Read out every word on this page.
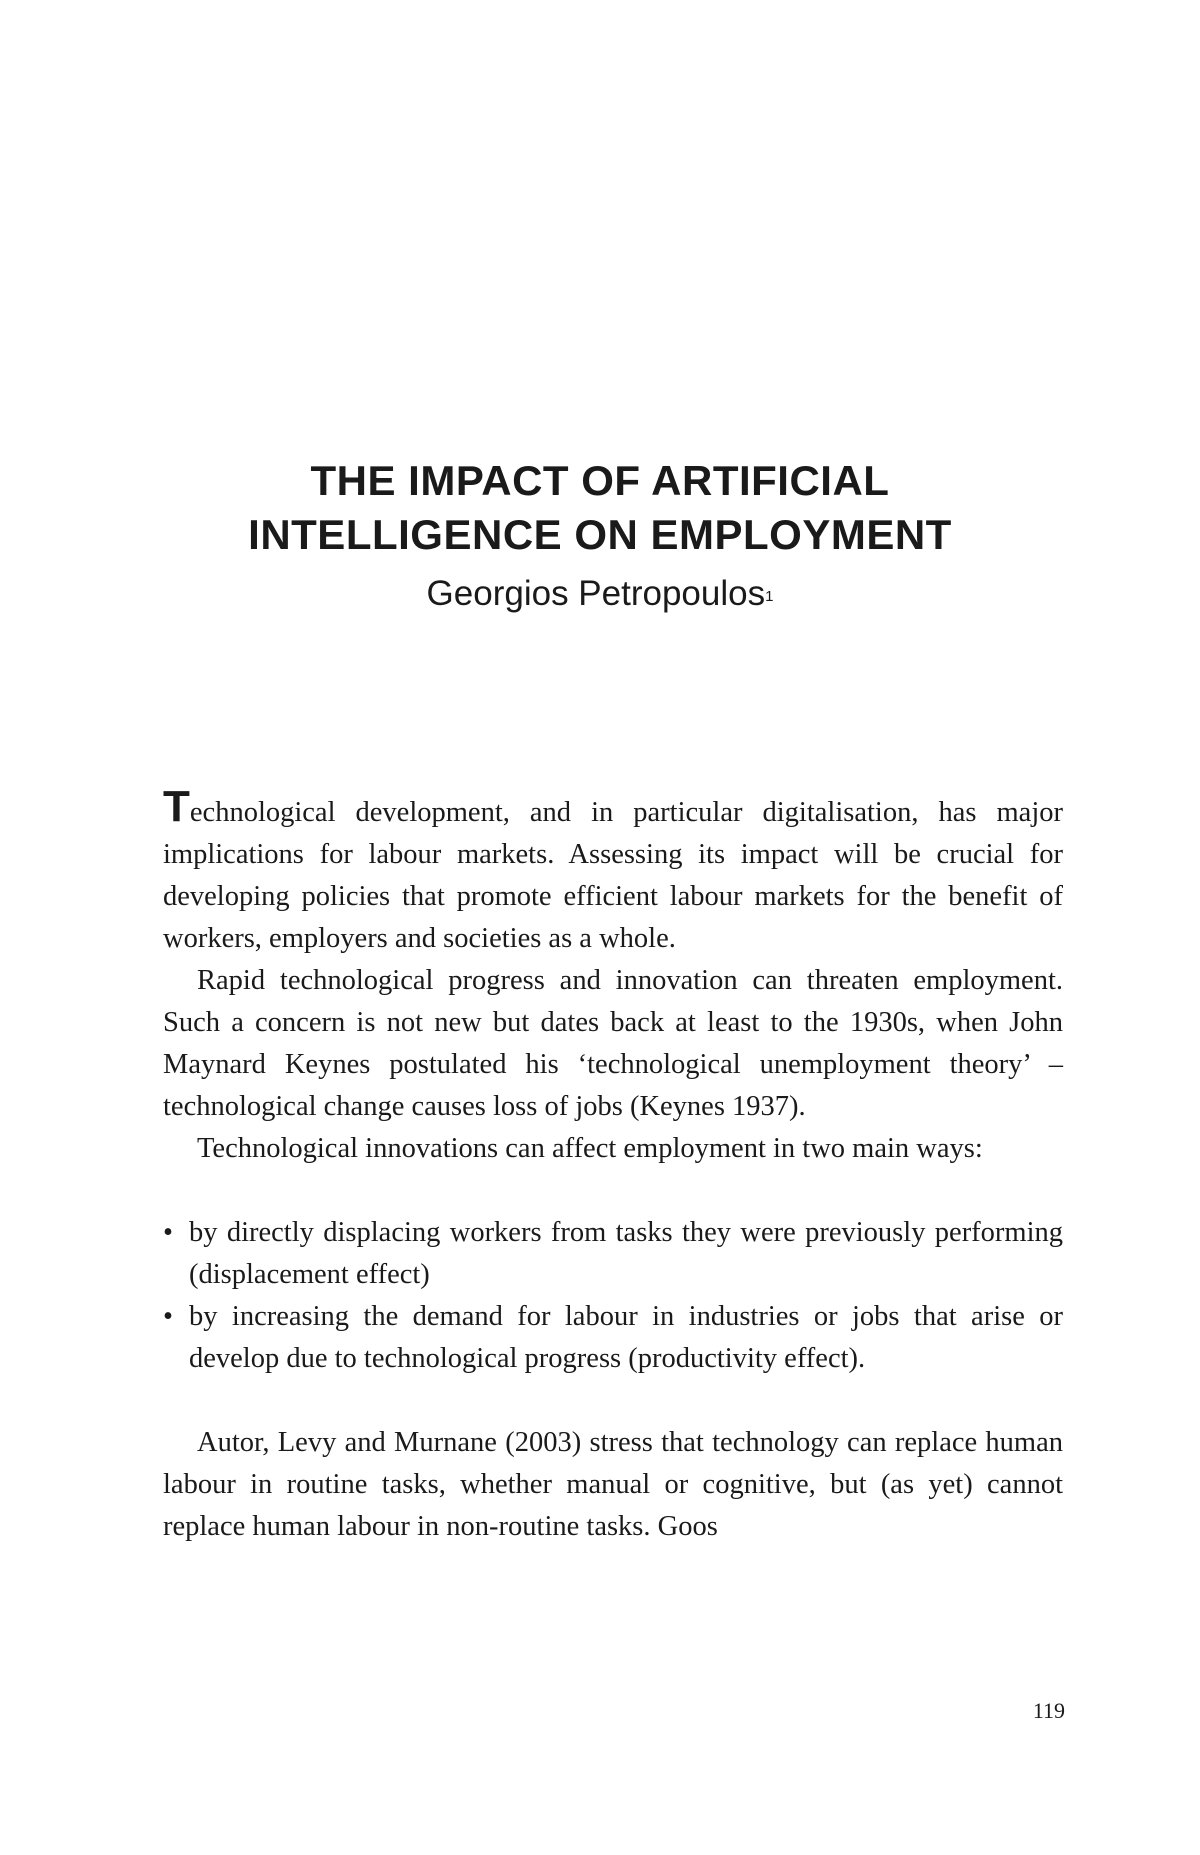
THE IMPACT OF ARTIFICIAL
INTELLIGENCE ON EMPLOYMENT
Georgios Petropoulos$^1$

Technological development, and in particular digitalisation, has major implications for labour markets. Assessing its impact will be crucial for developing policies that promote efficient labour markets for the benefit of workers, employers and societies as a whole.

Rapid technological progress and innovation can threaten employment. Such a concern is not new but dates back at least to the 1930s, when John Maynard Keynes postulated his ‘technological unemployment theory’ – technological change causes loss of jobs (Keynes 1937).

Technological innovations can affect employment in two main ways:

• by directly displacing workers from tasks they were previously performing (displacement effect)
• by increasing the demand for labour in industries or jobs that arise or develop due to technological progress (productivity effect).

Autor, Levy and Murnane (2003) stress that technology can replace human labour in routine tasks, whether manual or cognitive, but (as yet) cannot replace human labour in non-routine tasks. Goos

119
